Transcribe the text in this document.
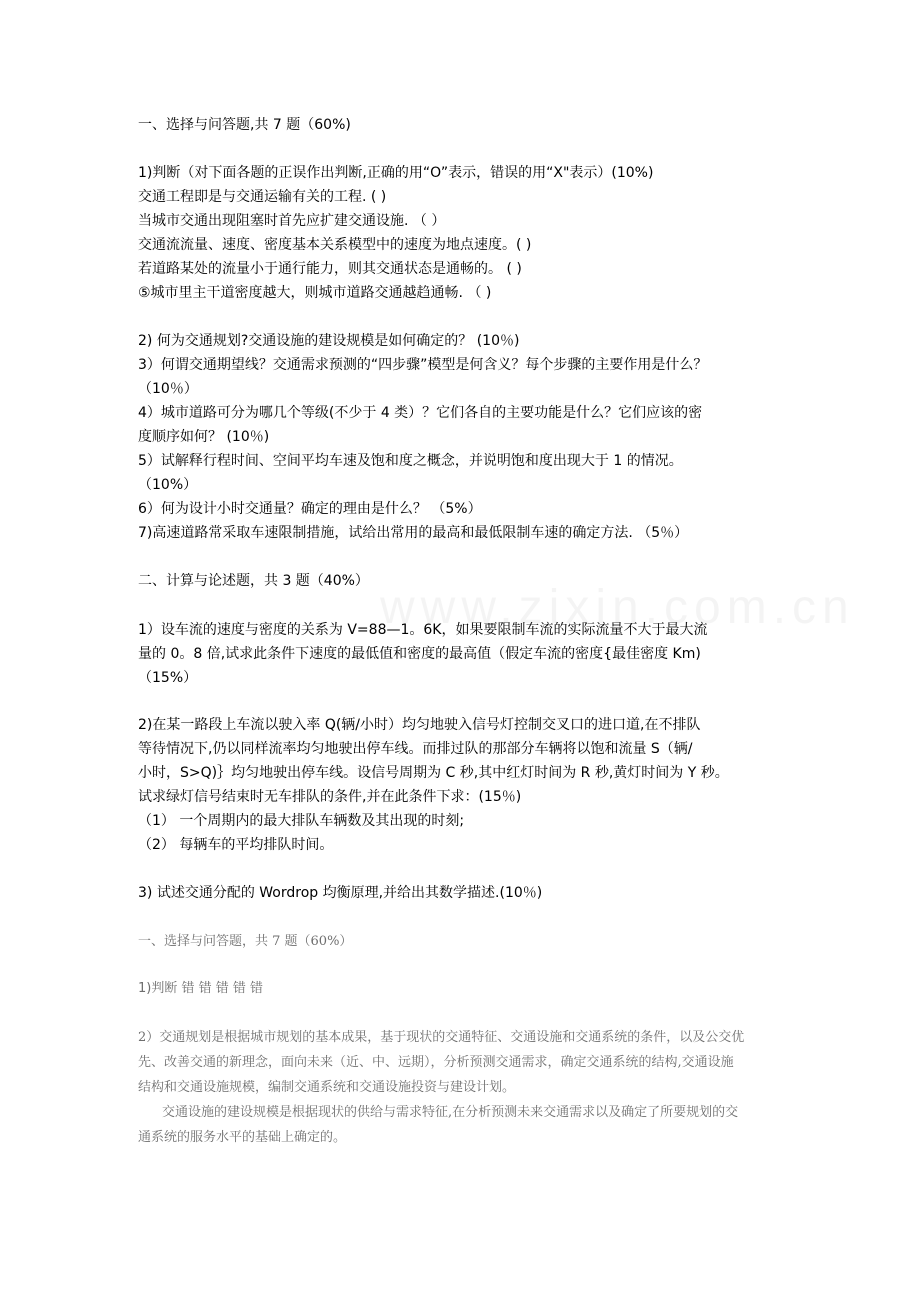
一、选择与问答题,共 7 题（60%)
1)判断（对下面各题的正误作出判断,正确的用“O”表示，错误的用“X"表示）(10%)
交通工程即是与交通运输有关的工程. ( )
当城市交通出现阻塞时首先应扩建交通设施. （ ）
交通流流量、速度、密度基本关系模型中的速度为地点速度。( )
若道路某处的流量小于通行能力，则其交通状态是通畅的。 ( )
⑤城市里主干道密度越大，则城市道路交通越趋通畅. （ )
2) 何为交通规划?交通设施的建设规模是如何确定的？ (10％)
3）何谓交通期望线？交通需求预测的“四步骤”模型是何含义？每个步骤的主要作用是什么？
（10％）
4）城市道路可分为哪几个等级(不少于 4 类）？它们各自的主要功能是什么？它们应该的密
度顺序如何？ (10％)
5）试解释行程时间、空间平均车速及饱和度之概念，并说明饱和度出现大于 1 的情况。
（10%）
6）何为设计小时交通量？确定的理由是什么？ （5%）
7)高速道路常采取车速限制措施，试给出常用的最高和最低限制车速的确定方法. （5％）
二、计算与论述题，共 3 题（40%）
1）设车流的速度与密度的关系为 V=88—1。6K，如果要限制车流的实际流量不大于最大流
量的 0。8 倍,试求此条件下速度的最低值和密度的最高值（假定车流的密度{最佳密度 Km)
（15%）
2)在某一路段上车流以驶入率 Q(辆/小时）均匀地驶入信号灯控制交叉口的进口道,在不排队
等待情况下,仍以同样流率均匀地驶出停车线。而排过队的那部分车辆将以饱和流量 S（辆/
小时，S>Q)｝均匀地驶出停车线。设信号周期为 C 秒,其中红灯时间为 R 秒,黄灯时间为 Y 秒。
试求绿灯信号结束时无车排队的条件,并在此条件下求：(15％)
（1） 一个周期内的最大排队车辆数及其出现的时刻;
（2） 每辆车的平均排队时间。
3) 试述交通分配的 Wordrop 均衡原理,并给出其数学描述.(10％)
一、选择与问答题，共 7 题（60%）
1)判断 错 错 错 错 错
2）交通规划是根据城市规划的基本成果，基于现状的交通特征、交通设施和交通系统的条件，以及公交优
先、改善交通的新理念，面向未来（近、中、远期），分析预测交通需求，确定交通系统的结构,交通设施
结构和交通设施规模，编制交通系统和交通设施投资与建设计划。
交通设施的建设规模是根据现状的供给与需求特征,在分析预测未来交通需求以及确定了所要规划的交
通系统的服务水平的基础上确定的。
